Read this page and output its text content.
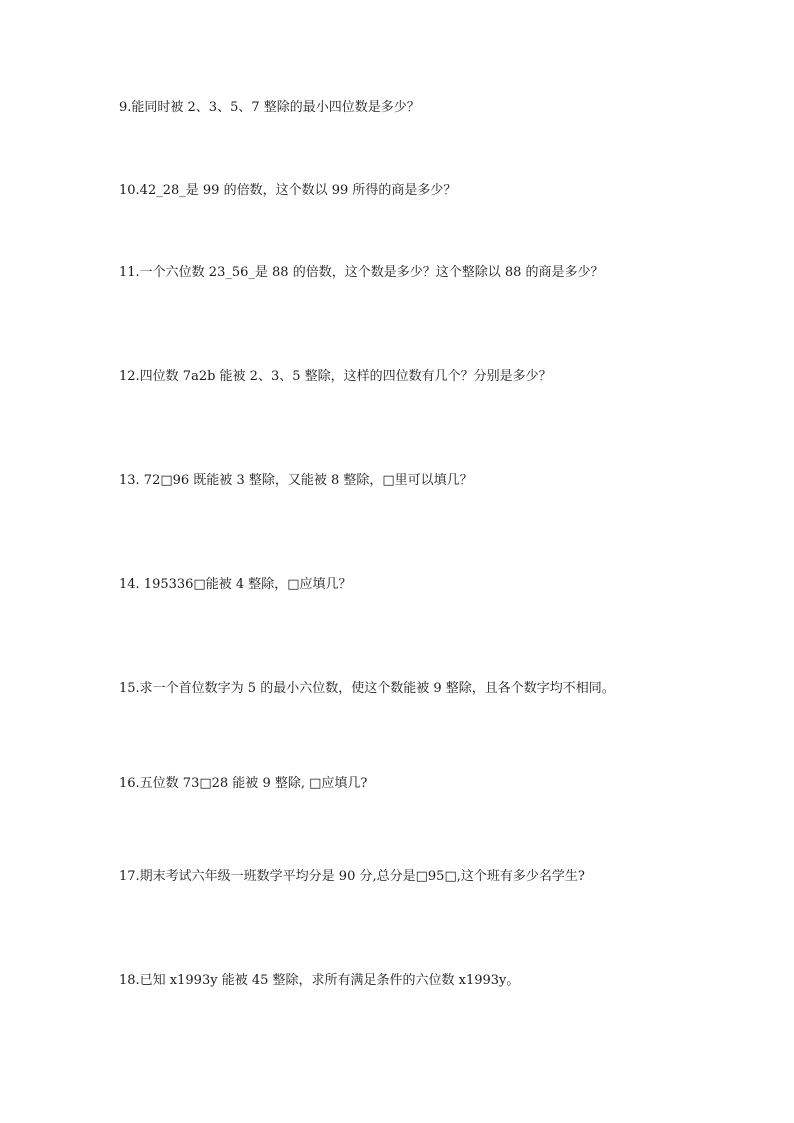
9.能同时被 2、3、5、7 整除的最小四位数是多少？
10.42_28_是 99 的倍数，这个数以 99 所得的商是多少？
11.一个六位数 23_56_是 88 的倍数，这个数是多少？这个整除以 88 的商是多少？
12.四位数 7a2b 能被 2、3、5 整除，这样的四位数有几个？分别是多少？
13. 72□96 既能被 3 整除，又能被 8 整除，□里可以填几？
14. 195336□能被 4 整除，□应填几？
15.求一个首位数字为 5 的最小六位数，使这个数能被 9 整除，且各个数字均不相同。
16.五位数 73□28 能被 9 整除, □应填几?
17.期末考试六年级一班数学平均分是 90 分,总分是□95□,这个班有多少名学生?
18.已知 x1993y 能被 45 整除，求所有满足条件的六位数 x1993y。
